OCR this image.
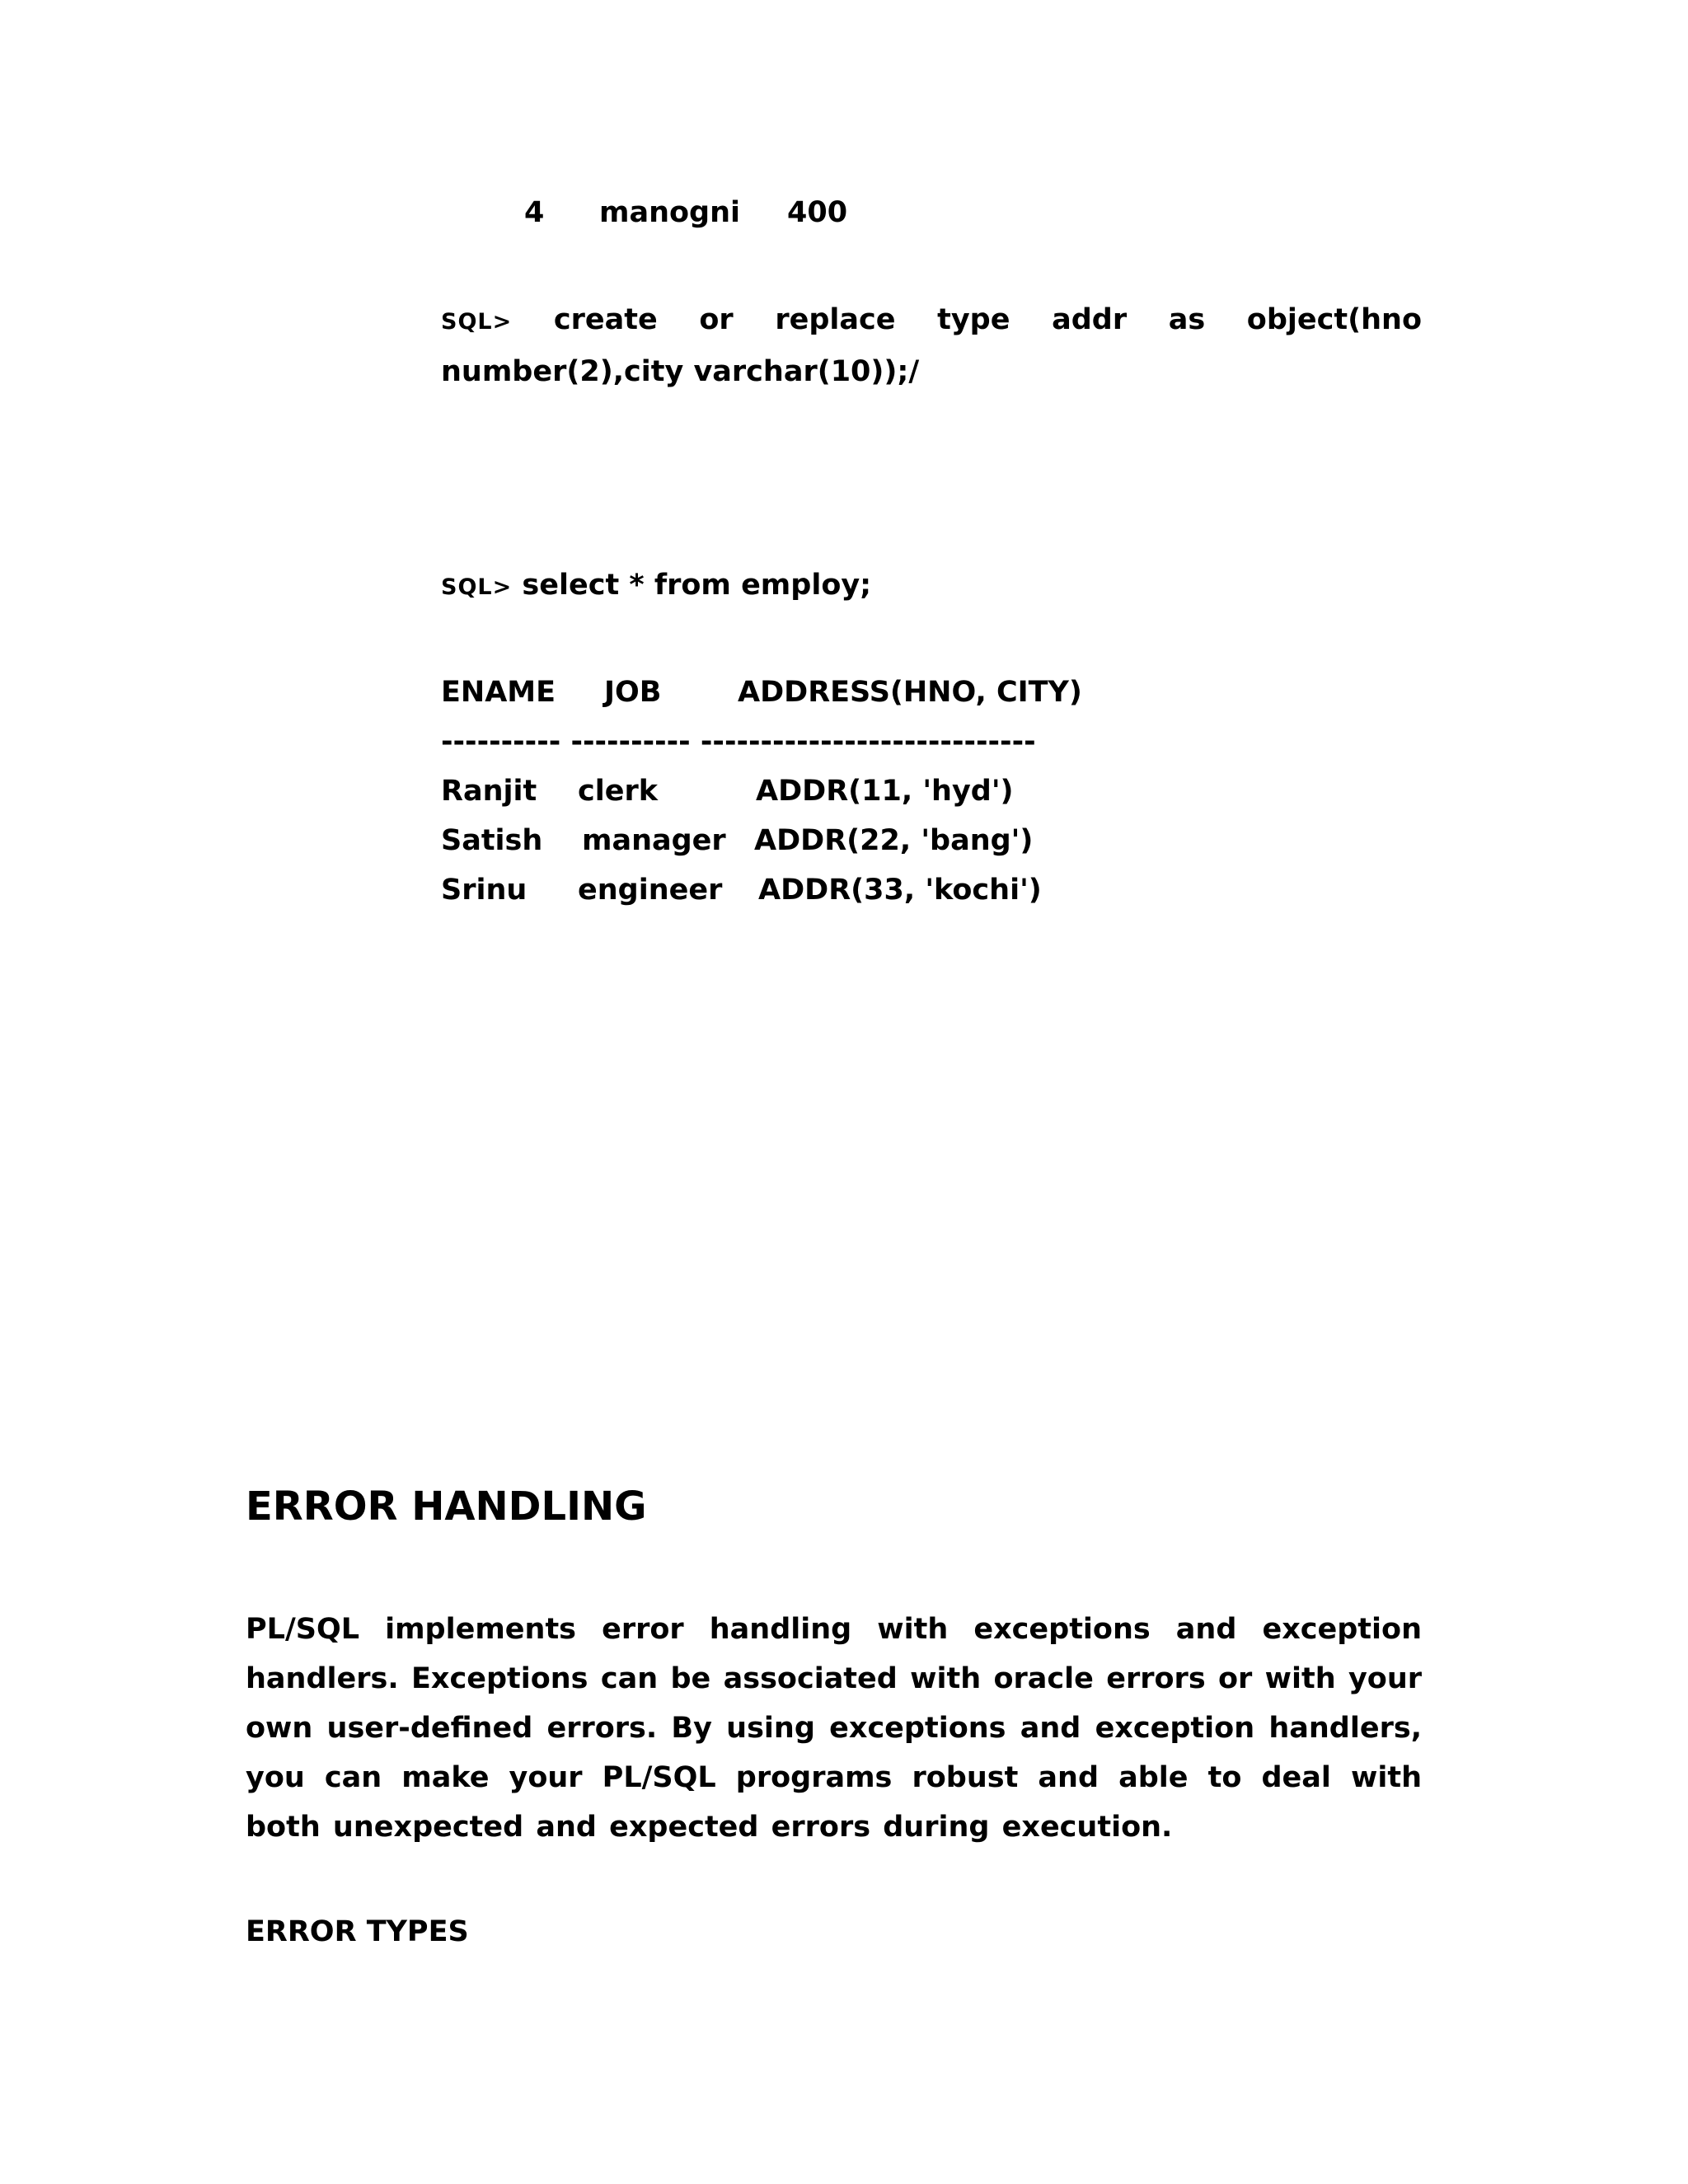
4 manogni 400
SQL> create or replace type addr as object(hno number(2),city varchar(10));/
SQL> select * from employ;
ENAME JOB	ADDRESS(HNO, CITY)
---------- ---------- ----------------------------
Ranjit clerk	ADDR(11, 'hyd')
Satish manager ADDR(22, 'bang')
Srinu engineer ADDR(33, 'kochi')
ERROR HANDLING

PL/SQL implements error handling with exceptions and exception handlers. Exceptions can be associated with oracle errors or with your own user-defined errors. By using exceptions and exception handlers, you can make your PL/SQL programs robust and able to deal with both unexpected and expected errors during execution.

ERROR TYPES
